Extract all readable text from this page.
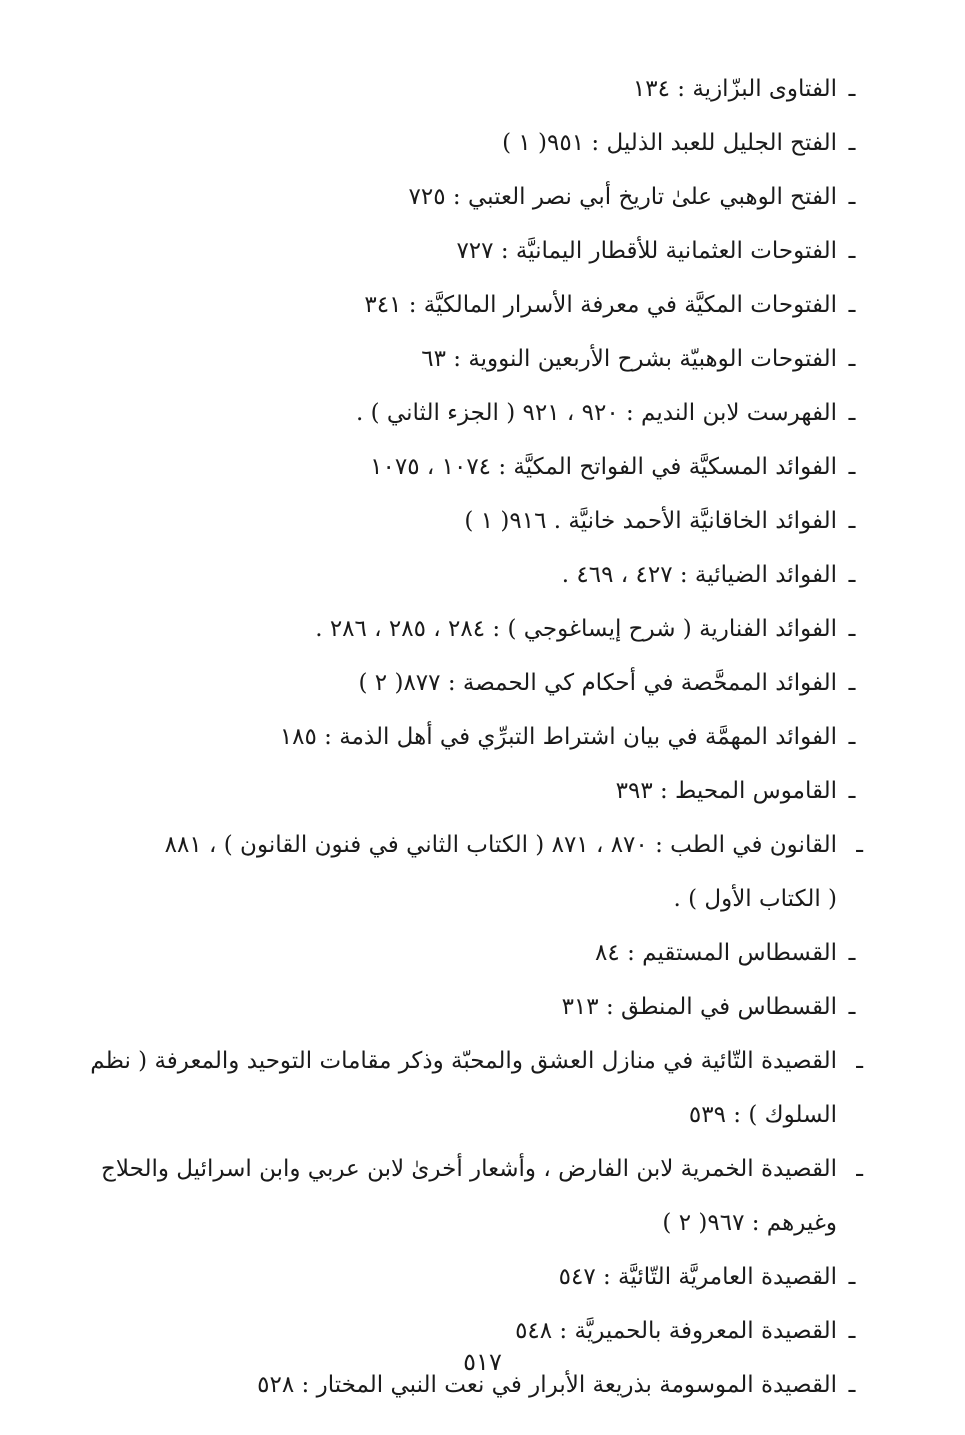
ـ
الفتاوى البزّازية : ١٣٤
ـ
الفتح الجليل للعبد الذليل : ٩٥١( ١ )
ـ
الفتح الوهبي علىٰ تاريخ أبي نصر العتبي : ٧٢٥
ـ
الفتوحات العثمانية للأقطار اليمانيَّة : ٧٢٧
ـ
الفتوحات المكيَّة في معرفة الأسرار المالكيَّة : ٣٤١
ـ
الفتوحات الوهبيّة بشرح الأربعين النووية : ٦٣
ـ
الفهرست لابن النديم : ٩٢٠ ، ٩٢١ ( الجزء الثاني ) .
ـ
الفوائد المسكيَّة في الفواتح المكيَّة : ١٠٧٤ ، ١٠٧٥
ـ
الفوائد الخاقانيَّة الأحمد خانيَّة . ٩١٦( ١ )
ـ
الفوائد الضيائية : ٤٢٧ ، ٤٦٩ .
ـ
الفوائد الفنارية ( شرح إيساغوجي ) : ٢٨٤ ، ٢٨٥ ، ٢٨٦ .
ـ
الفوائد الممحَّصة في أحكام كي الحمصة : ٨٧٧( ٢ )
ـ
الفوائد المهمَّة في بيان اشتراط التبرِّي في أهل الذمة : ١٨٥
ـ
القاموس المحيط : ٣٩٣
ـ
القانون في الطب : ٨٧٠ ، ٨٧١ ( الكتاب الثاني في فنون القانون ) ، ٨٨١
( الكتاب الأول ) .
ـ
القسطاس المستقيم : ٨٤
ـ
القسطاس في المنطق : ٣١٣
ـ
القصيدة التّائية في منازل العشق والمحبّة وذكر مقامات التوحيد والمعرفة ( نظم
السلوك ) : ٥٣٩
ـ
القصيدة الخمرية لابن الفارض ، وأشعار أخرىٰ لابن عربي وابن اسرائيل والحلاج
وغيرهم : ٩٦٧( ٢ )
ـ
القصيدة العامريَّة التّائيَّة : ٥٤٧
ـ
القصيدة المعروفة بالحميريَّة : ٥٤٨
ـ
القصيدة الموسومة بذريعة الأبرار في نعت النبي المختار : ٥٢٨
٥١٧
